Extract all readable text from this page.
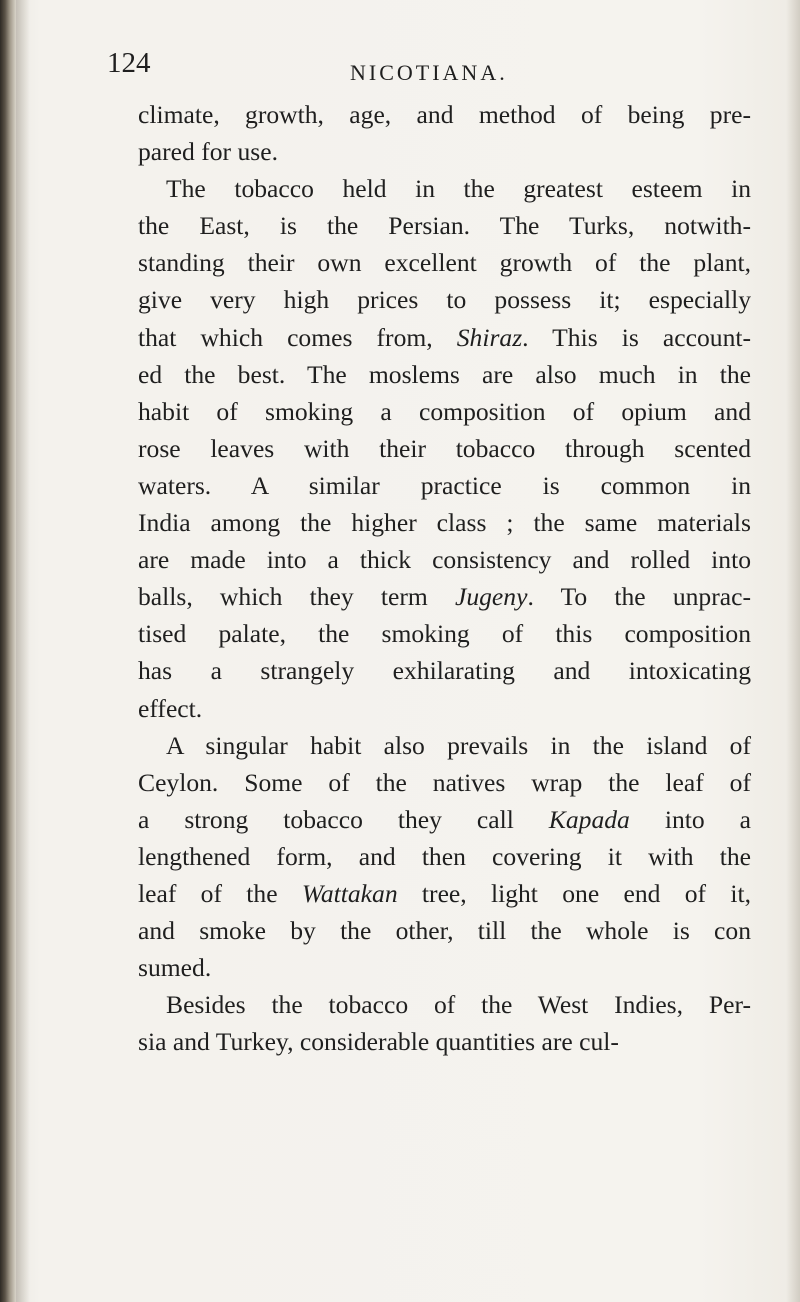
124	NICOTIANA.
climate, growth, age, and method of being pre-
pared for use.
The tobacco held in the greatest esteem in
the East, is the Persian. The Turks, notwith-
standing their own excellent growth of the plant,
give very high prices to possess it; especially
that which comes from, Shiraz. This is account-
ed the best. The moslems are also much in the
habit of smoking a composition of opium and
rose leaves with their tobacco through scented
waters. A similar practice is common in
India among the higher class ; the same materials
are made into a thick consistency and rolled into
balls, which they term Jugeny. To the unprac-
tised palate, the smoking of this composition
has a strangely exhilarating and intoxicating
effect.
A singular habit also prevails in the island of
Ceylon. Some of the natives wrap the leaf of
a strong tobacco they call Kapada into a
lengthened form, and then covering it with the
leaf of the Wattakan tree, light one end of it,
and smoke by the other, till the whole is con
sumed.
Besides the tobacco of the West Indies, Per-
sia and Turkey, considerable quantities are cul-
